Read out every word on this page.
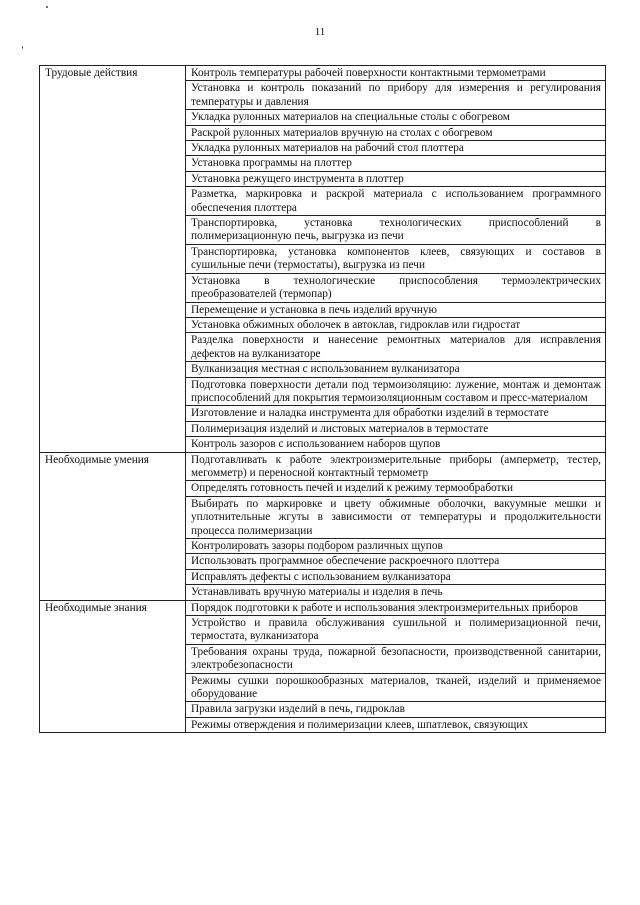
11
Трудовые действия	Контроль температуры рабочей поверхности контактными термометрами
	Установка и контроль показаний по прибору для измерения и регулирования температуры и давления
	Укладка рулонных материалов на специальные столы с обогревом
	Раскрой рулонных материалов вручную на столах с обогревом
	Укладка рулонных материалов на рабочий стол плоттера
	Установка программы на плоттер
	Установка режущего инструмента в плоттер
	Разметка, маркировка и раскрой материала с использованием программного обеспечения плоттера
	Транспортировка, установка технологических приспособлений в полимеризационную печь, выгрузка из печи
	Транспортировка, установка компонентов клеев, связующих и составов в сушильные печи (термостаты), выгрузка из печи
	Установка в технологические приспособления термоэлектрических преобразователей (термопар)
	Перемещение и установка в печь изделий вручную
	Установка обжимных оболочек в автоклав, гидроклав или гидростат
	Разделка поверхности и нанесение ремонтных материалов для исправления дефектов на вулканизаторе
	Вулканизация местная с использованием вулканизатора
	Подготовка поверхности детали под термоизоляцию: лужение, монтаж и демонтаж приспособлений для покрытия термоизоляционным составом и пресс-материалом
	Изготовление и наладка инструмента для обработки изделий в термостате
	Полимеризация изделий и листовых материалов в термостате
	Контроль зазоров с использованием наборов щупов
Необходимые умения	Подготавливать к работе электроизмерительные приборы (амперметр, тестер, мегомметр) и переносной контактный термометр
	Определять готовность печей и изделий к режиму термообработки
	Выбирать по маркировке и цвету обжимные оболочки, вакуумные мешки и уплотнительные жгуты в зависимости от температуры и продолжительности процесса полимеризации
	Контролировать зазоры подбором различных щупов
	Использовать программное обеспечение раскроечного плоттера
	Исправлять дефекты с использованием вулканизатора
	Устанавливать вручную материалы и изделия в печь
Необходимые знания	Порядок подготовки к работе и использования электроизмерительных приборов
	Устройство и правила обслуживания сушильной и полимеризационной печи, термостата, вулканизатора
	Требования охраны труда, пожарной безопасности, производственной санитарии, электробезопасности
	Режимы сушки порошкообразных материалов, тканей, изделий и применяемое оборудование
	Правила загрузки изделий в печь, гидроклав
	Режимы отверждения и полимеризации клеев, шпатлевок, связующих
